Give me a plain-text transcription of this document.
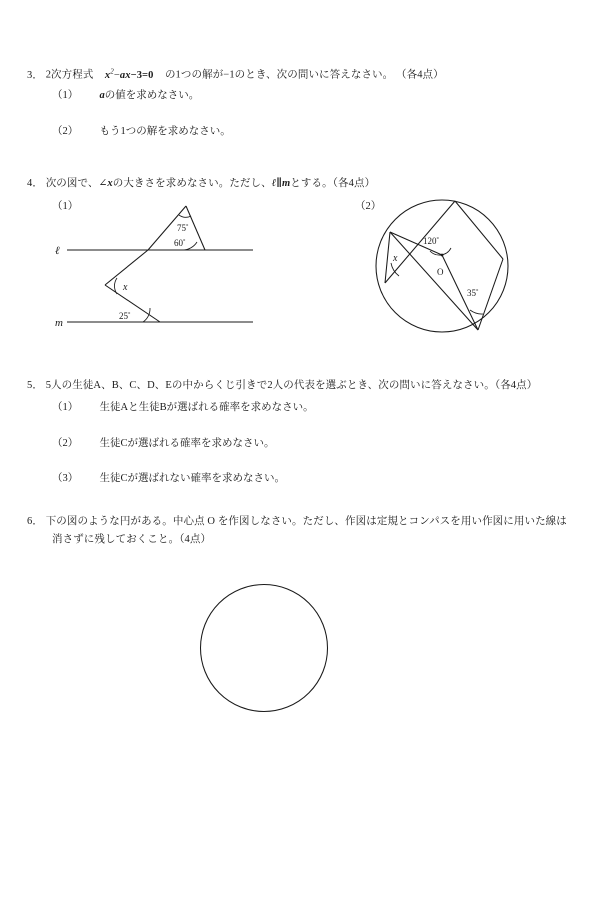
3． 2次方程式 $x^2-ax-3=0$ の1つの解が−1のとき、次の問いに答えなさい。 （各4点）
（1） aの値を求めなさい。
（2） もう1つの解を求めなさい。
4． 次の図で、∠xの大きさを求めなさい。ただし、ℓ∥mとする。（各4点）
（1）	（2）
ℓ
m
75°
60°
x
25°
120°
O
x
35°
5． 5人の生徒A、B、C、D、Eの中からくじ引きで2人の代表を選ぶとき、次の問いに答えなさい。（各4点）
（1） 生徒Aと生徒Bが選ばれる確率を求めなさい。
（2） 生徒Cが選ばれる確率を求めなさい。
（3） 生徒Cが選ばれない確率を求めなさい。
6． 下の図のような円がある。中心点 O を作図しなさい。ただし、作図は定規とコンパスを用い作図に用いた線は
消さずに残しておくこと。（4点）
